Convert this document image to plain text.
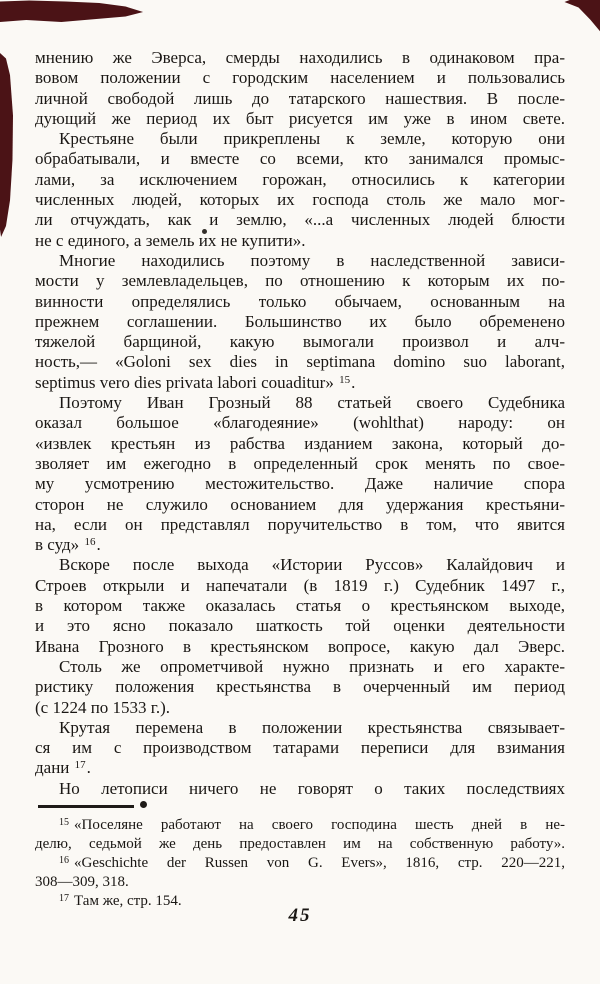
мнению же Эверса, смерды находились в одинаковом пра-
вовом положении с городским населением и пользовались
личной свободой лишь до татарского нашествия. В после-
дующий же период их быт рисуется им уже в ином свете.
Крестьяне были прикреплены к земле, которую они
обрабатывали, и вместе со всеми, кто занимался промыс-
лами, за исключением горожан, относились к категории
численных людей, которых их господа столь же мало мог-
ли отчуждать, как и землю, «...а численных людей блюсти
не с единого, а земель их не купити».
Многие находились поэтому в наследственной зависи-
мости у землевладельцев, по отношению к которым их по-
винности определялись только обычаем, основанным на
прежнем соглашении. Большинство их было обременено
тяжелой барщиной, какую вымогали произвол и алч-
ность,— «Goloni sex dies in septimana domino suo laborant,
septimus vero dies privata labori couaditur» $^{15}$.
Поэтому Иван Грозный 88 статьей своего Судебника
оказал большое «благодеяние» (wohlthat) народу: он
«извлек крестьян из рабства изданием закона, который до-
зволяет им ежегодно в определенный срок менять по свое-
му усмотрению местожительство. Даже наличие спора
сторон не служило основанием для удержания крестьяни-
на, если он представлял поручительство в том, что явится
в суд» $^{16}$.
Вскоре после выхода «Истории Руссов» Калайдович и
Строев открыли и напечатали (в 1819 г.) Судебник 1497 г.,
в котором также оказалась статья о крестьянском выходе,
и это ясно показало шаткость той оценки деятельности
Ивана Грозного в крестьянском вопросе, какую дал Эверс.
Столь же опрометчивой нужно признать и его характе-
ристику положения крестьянства в очерченный им период
(с 1224 по 1533 г.).
Крутая перемена в положении крестьянства связывает-
ся им с производством татарами переписи для взимания
дани $^{17}$.
Но летописи ничего не говорят о таких последствиях
$^{15}$ «Поселяне работают на своего господина шесть дней в не-
делю, седьмой же день предоставлен им на собственную работу».
$^{16}$ «Geschichte der Russen von G. Evers», 1816, стр. 220—221,
308—309, 318.
$^{17}$ Там же, стр. 154.
45
